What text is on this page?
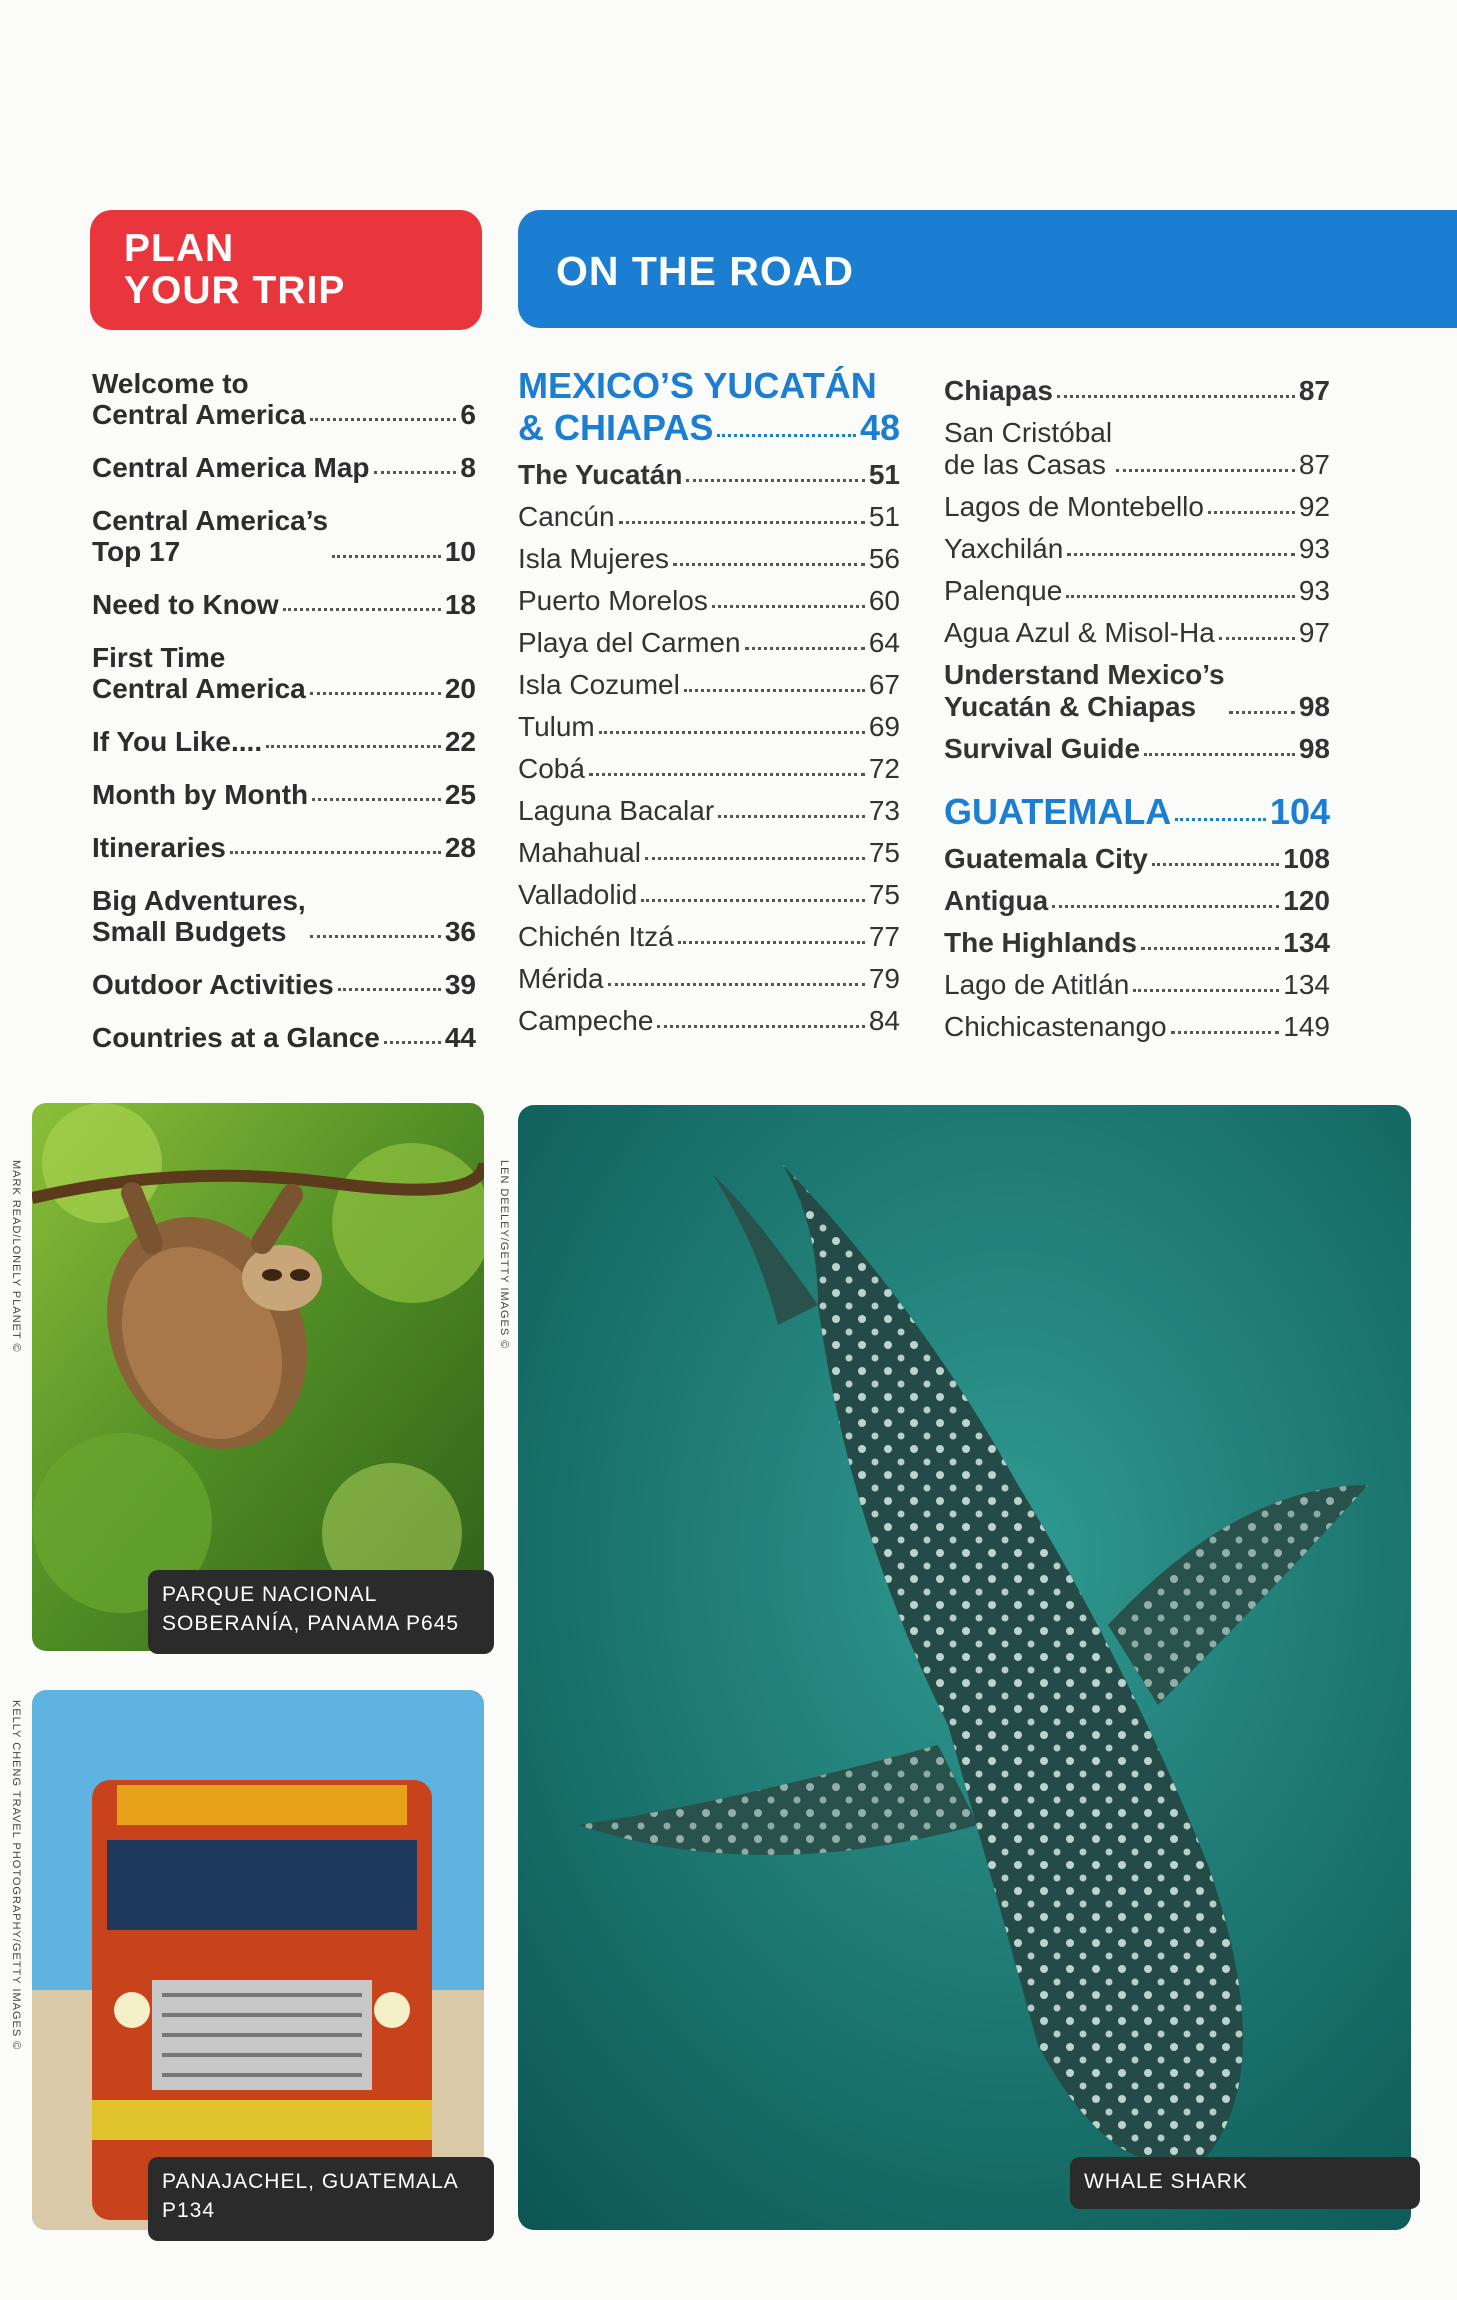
PLAN
YOUR TRIP	ON THE ROAD
Welcome to
Central America	6
Central America Map	8
Central America’s
Top 17	10
Need to Know	18
First Time
Central America	20
If You Like....	22
Month by Month	25
Itineraries	28
Big Adventures,
Small Budgets	36
Outdoor Activities	39
Countries at a Glance 44
MEXICO’S YUCATÁN
& CHIAPAS	48
The Yucatán	51
Cancún	51
Isla Mujeres	56
Puerto Morelos	60
Playa del Carmen	64
Isla Cozumel	67
Tulum	69
Cobá	72
Laguna Bacalar	73
Mahahual	75
Valladolid	75
Chichén Itzá	77
Mérida	79
Campeche	84
Chiapas	87
San Cristóbal
de las Casas	87
Lagos de Montebello	92
Yaxchilán	93
Palenque	93
Agua Azul & Misol-Ha	97
Understand Mexico’s
Yucatán & Chiapas	98
Survival Guide	98
GUATEMALA	104
Guatemala City	108
Antigua	120
The Highlands	134
Lago de Atitlán	134
Chichicastenango	149
PARQUE NACIONAL
SOBERANÍA, PANAMA P645
PANAJACHEL, GUATEMALA
P134
WHALE SHARK
MARK READ/LONELY PLANET ©	LEN DEELEY/GETTY IMAGES ©
KELLY CHENG TRAVEL PHOTOGRAPHY/GETTY IMAGES ©
